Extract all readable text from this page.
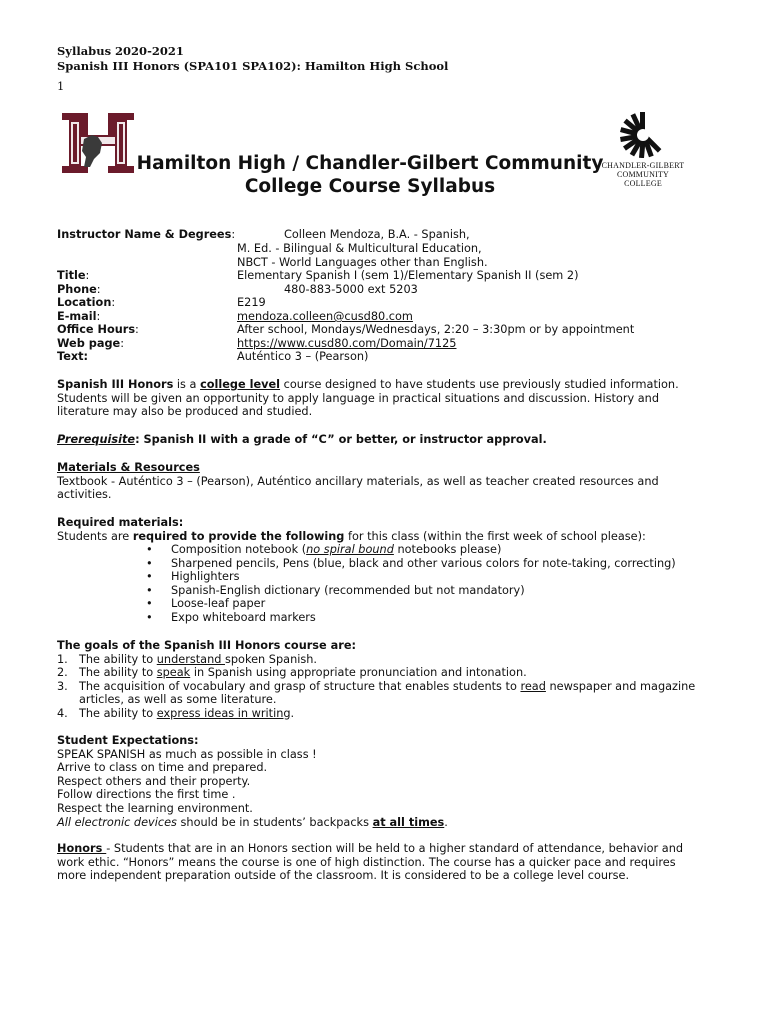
Syllabus 2020-2021
Spanish III Honors (SPA101 SPA102): Hamilton High School
1
CHANDLER-GILBERT
COMMUNITY COLLEGE
Hamilton High / Chandler-Gilbert Community
College Course Syllabus
Instructor Name & Degrees:	Colleen Mendoza, B.A. - Spanish,
M. Ed. - Bilingual & Multicultural Education,
NBCT - World Languages other than English.
Title:	Elementary Spanish I (sem 1)/Elementary Spanish II (sem 2)
Phone:	480-883-5000 ext 5203
Location:	E219
E-mail:	mendoza.colleen@cusd80.com
Office Hours:	After school, Mondays/Wednesdays, 2:20 – 3:30pm or by appointment
Web page:	https://www.cusd80.com/Domain/7125
Text:	Auténtico 3 – (Pearson)
Spanish III Honors is a college level course designed to have students use previously studied information. Students will be given an opportunity to apply language in practical situations and discussion. History and literature may also be produced and studied.
Prerequisite: Spanish II with a grade of “C” or better, or instructor approval.
Materials & Resources
Textbook - Auténtico 3 – (Pearson), Auténtico ancillary materials, as well as teacher created resources and activities.
Required materials:
Students are required to provide the following for this class (within the first week of school please):
• Composition notebook (no spiral bound notebooks please)
• Sharpened pencils, Pens (blue, black and other various colors for note-taking, correcting)
• Highlighters
• Spanish-English dictionary (recommended but not mandatory)
• Loose-leaf paper
• Expo whiteboard markers
The goals of the Spanish III Honors course are:
1. The ability to understand spoken Spanish.
2. The ability to speak in Spanish using appropriate pronunciation and intonation.
3. The acquisition of vocabulary and grasp of structure that enables students to read newspaper and magazine articles, as well as some literature.
4. The ability to express ideas in writing.
Student Expectations:
SPEAK SPANISH as much as possible in class !
Arrive to class on time and prepared.
Respect others and their property.
Follow directions the first time .
Respect the learning environment.
All electronic devices should be in students’ backpacks at all times.
Honors - Students that are in an Honors section will be held to a higher standard of attendance, behavior and work ethic. “Honors” means the course is one of high distinction. The course has a quicker pace and requires more independent preparation outside of the classroom. It is considered to be a college level course.
